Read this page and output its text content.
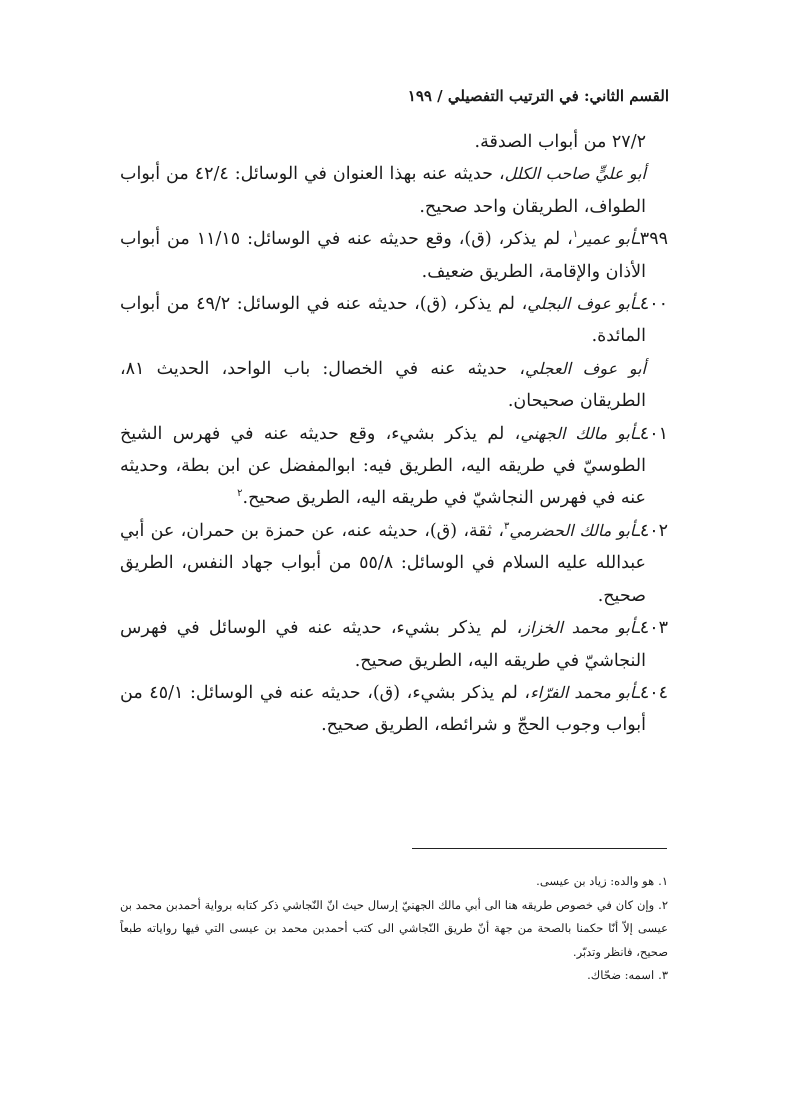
القسم الثاني: في الترتيب التفصيلي / ١٩٩

٢٧/٢ من أبواب الصدقة.

أبو عليٍّ صاحب الكلل، حديثه عنه بهذا العنوان في الوسائل: ٤٢/٤ من أبواب الطواف، الطريقان واحد صحيح.

٣٩٩ـأبو عمير$^١$، لم يذكر، (ق)، وقع حديثه عنه في الوسائل: ١١/١٥ من أبواب الأذان والإقامة، الطريق ضعيف.

٤٠٠ـأبو عوف البجلي، لم يذكر، (ق)، حديثه عنه في الوسائل: ٤٩/٢ من أبواب المائدة.

أبو عوف العجلي، حديثه عنه في الخصال: باب الواحد، الحديث ٨١، الطريقان صحيحان.

٤٠١ـأبو مالك الجهني، لم يذكر بشيء، وقع حديثه عنه في فهرس الشيخ الطوسيّ في طريقه اليه، الطريق فيه: ابوالمفضل عن ابن بطة، وحديثه عنه في فهرس النجاشيّ في طريقه اليه، الطريق صحيح.$^٢$

٤٠٢ـأبو مالك الحضرمي$^٣$، ثقة، (ق)، حديثه عنه، عن حمزة بن حمران، عن أبي عبدالله عليه السلام في الوسائل: ٥٥/٨ من أبواب جهاد النفس، الطريق صحيح.

٤٠٣ـأبو محمد الخزاز، لم يذكر بشيء، حديثه عنه في الوسائل في فهرس النجاشيّ في طريقه اليه، الطريق صحيح.

٤٠٤ـأبو محمد الفرّاء، لم يذكر بشيء، (ق)، حديثه عنه في الوسائل: ٤٥/١ من أبواب وجوب الحجّ و شرائطه، الطريق صحيح.

١.هو والده: زياد بن عيسى.

٢.وإن كان في خصوص طريقه هنا الى أبي مالك الجهنيّ إرسال حيث انّ النّجاشي ذكر كتابه برواية أحمدبن محمد بن عيسى إلاّ أنّا حكمنا بالصحة من جهة أنّ طريق النّجاشي الى كتب أحمدبن محمد بن عيسى التي فيها رواياته طبعاً صحيح، فانظر وتدبّر.

٣.اسمه: ضحّاك.
